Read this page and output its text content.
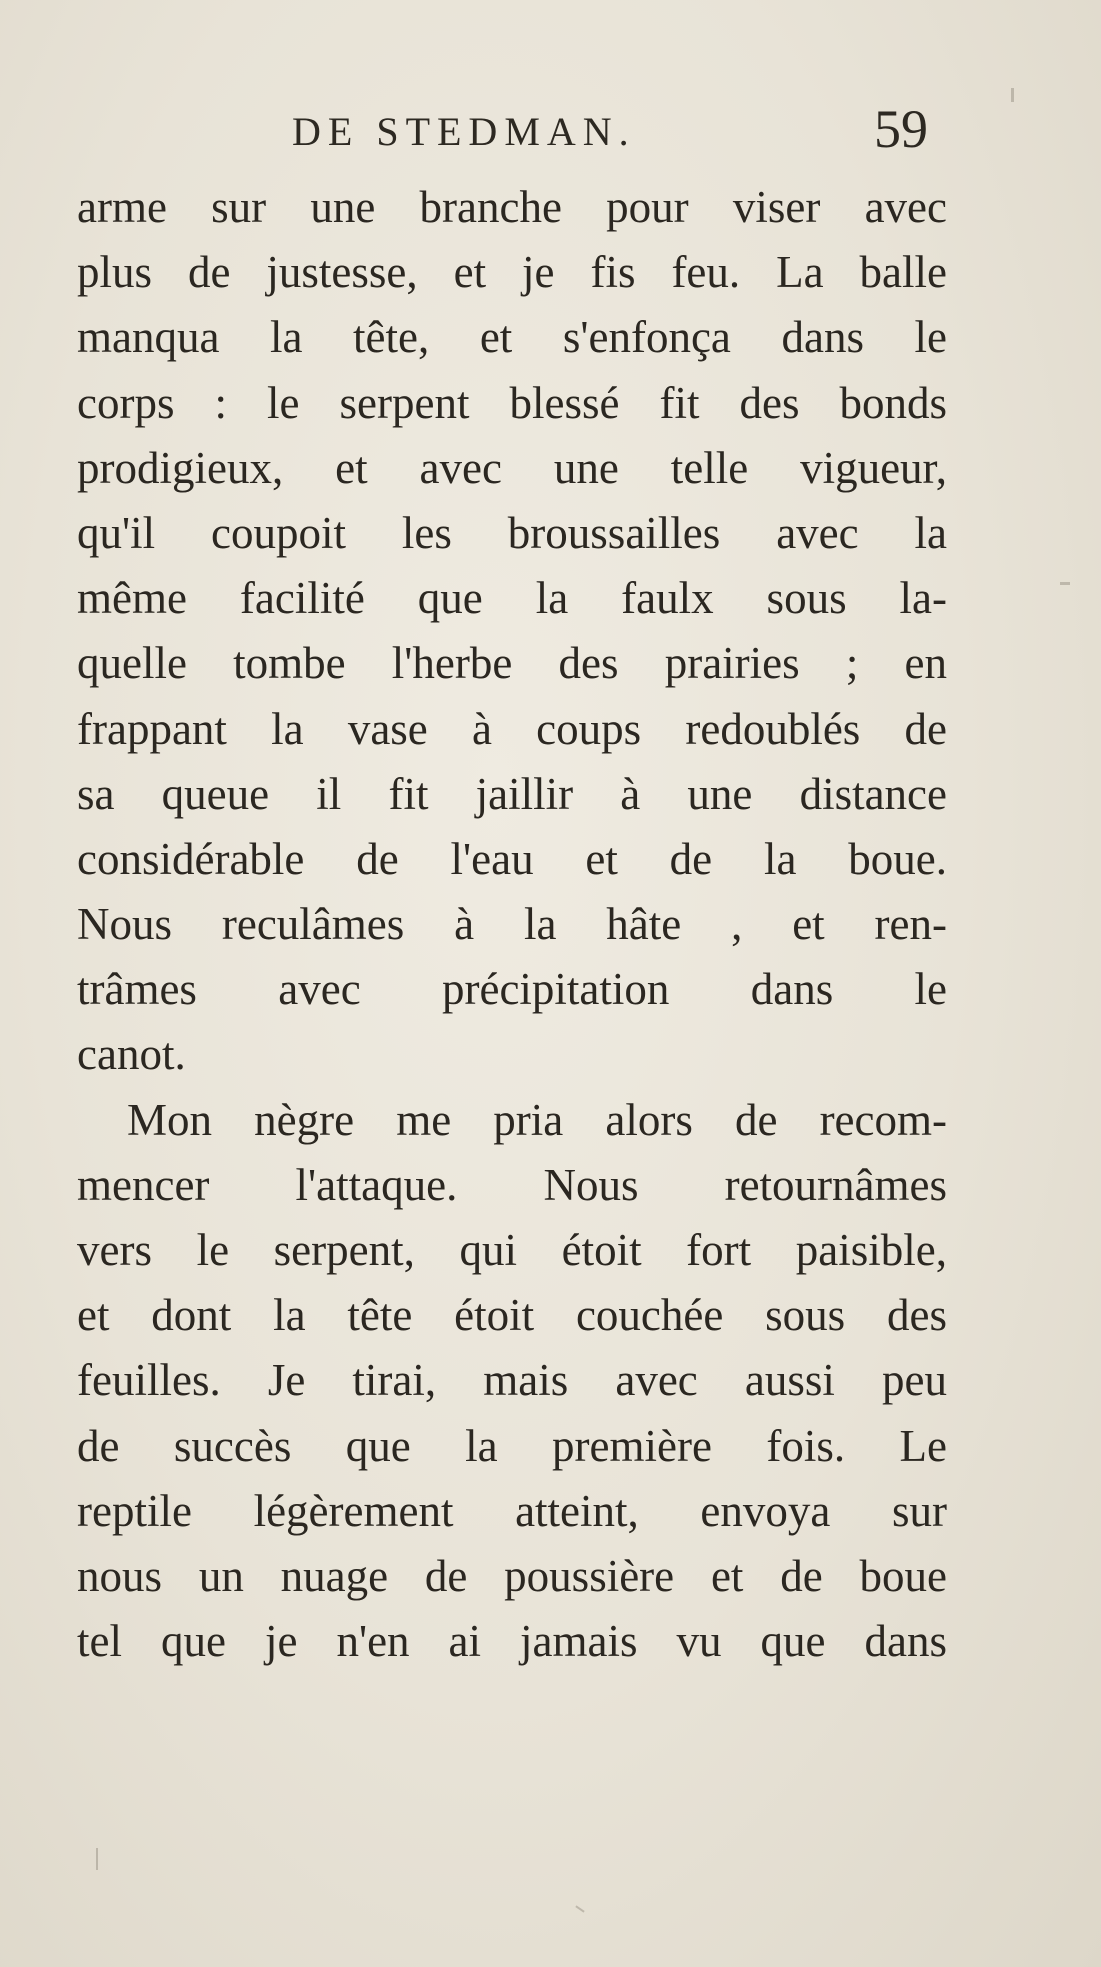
DE STEDMAN.	59
arme sur une branche pour viser avec
plus de justesse, et je fis feu. La balle
manqua la tête, et s'enfonça dans le
corps : le serpent blessé fit des bonds
prodigieux, et avec une telle vigueur,
qu'il coupoit les broussailles avec la
même facilité que la faulx sous la-
quelle tombe l'herbe des prairies ; en
frappant la vase à coups redoublés de
sa queue il fit jaillir à une distance
considérable de l'eau et de la boue.
Nous reculâmes à la hâte , et ren-
trâmes avec précipitation dans le
canot.
Mon nègre me pria alors de recom-
mencer l'attaque. Nous retournâmes
vers le serpent, qui étoit fort paisible,
et dont la tête étoit couchée sous des
feuilles. Je tirai, mais avec aussi peu
de succès que la première fois. Le
reptile légèrement atteint, envoya sur
nous un nuage de poussière et de boue
tel que je n'en ai jamais vu que dans
